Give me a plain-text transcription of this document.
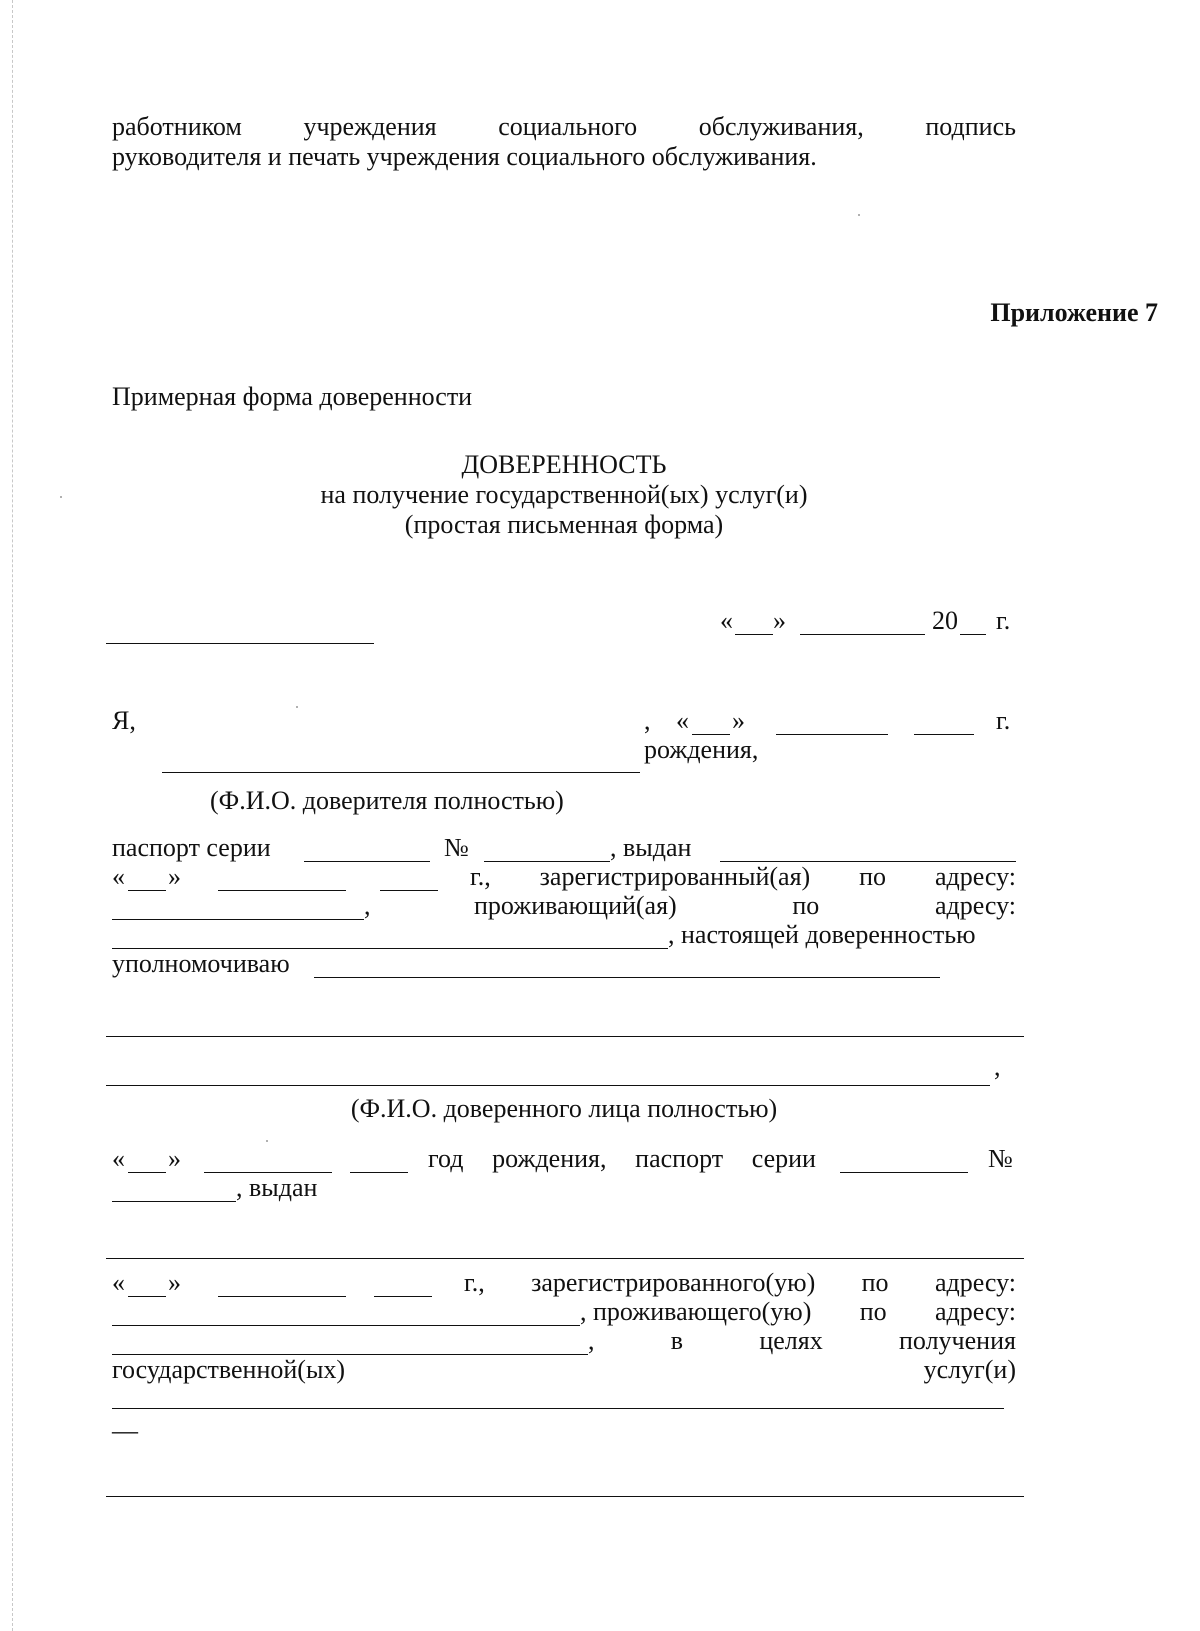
работником учреждения социального обслуживания, подпись
руководителя и печать учреждения социального обслуживания.
Приложение 7
Примерная форма доверенности
ДОВЕРЕННОСТЬ
на получение государственной(ых) услуг(и)
(простая письменная форма)
« »	20 г.
Я,	, « »	г.
рождения,
(Ф.И.О. доверителя полностью)
паспорт серии	№	, выдан
« »	г., зарегистрированный(ая) по адресу:
,	проживающий(ая)	по	адресу:
, настоящей доверенностью
уполномочиваю
,
(Ф.И.О. доверенного лица полностью)
« »	год рождения, паспорт серии	№
, выдан
« »	г., зарегистрированного(ую) по адресу:
, проживающего(ую) по адресу:
,	в	целях	получения
государственной(ых)	услуг(и)
—
